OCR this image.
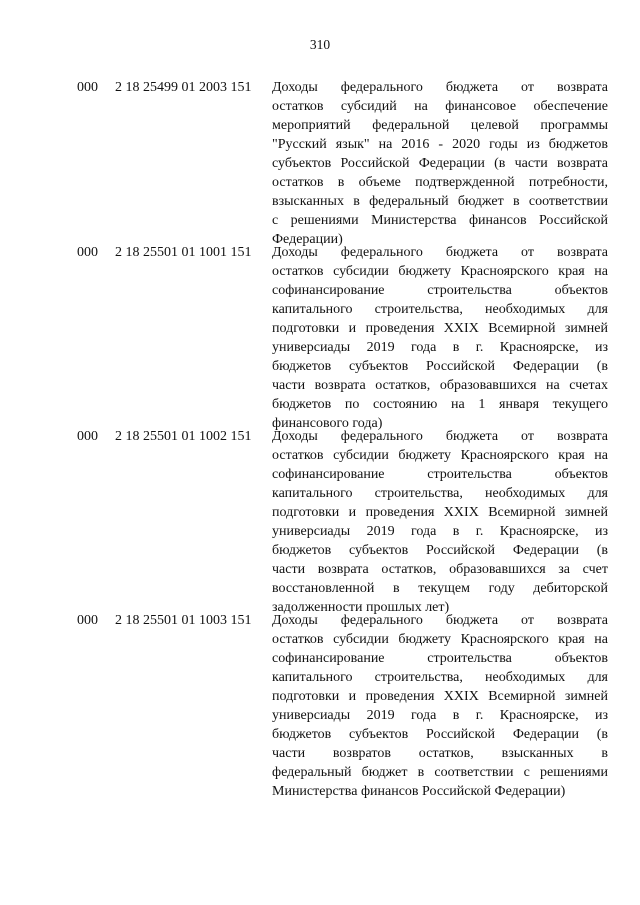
310
000 2 18 25499 01 2003 151 Доходы федерального бюджета от возврата
остатков субсидий на финансовое обеспечение
мероприятий федеральной целевой программы
"Русский язык" на 2016 - 2020 годы из бюджетов
субъектов Российской Федерации (в части возврата
остатков в объеме подтвержденной потребности,
взысканных в федеральный бюджет в соответствии
с решениями Министерства финансов Российской
Федерации)
000 2 18 25501 01 1001 151 Доходы федерального бюджета от возврата
остатков субсидии бюджету Красноярского края на
софинансирование строительства объектов
капитального строительства, необходимых для
подготовки и проведения XXIX Всемирной зимней
универсиады 2019 года в г. Красноярске, из
бюджетов субъектов Российской Федерации (в
части возврата остатков, образовавшихся на счетах
бюджетов по состоянию на 1 января текущего
финансового года)
000 2 18 25501 01 1002 151 Доходы федерального бюджета от возврата
остатков субсидии бюджету Красноярского края на
софинансирование строительства объектов
капитального строительства, необходимых для
подготовки и проведения XXIX Всемирной зимней
универсиады 2019 года в г. Красноярске, из
бюджетов субъектов Российской Федерации (в
части возврата остатков, образовавшихся за счет
восстановленной в текущем году дебиторской
задолженности прошлых лет)
000 2 18 25501 01 1003 151 Доходы федерального бюджета от возврата
остатков субсидии бюджету Красноярского края на
софинансирование строительства объектов
капитального строительства, необходимых для
подготовки и проведения XXIX Всемирной зимней
универсиады 2019 года в г. Красноярске, из
бюджетов субъектов Российской Федерации (в
части возвратов остатков, взысканных в
федеральный бюджет в соответствии с решениями
Министерства финансов Российской Федерации)
